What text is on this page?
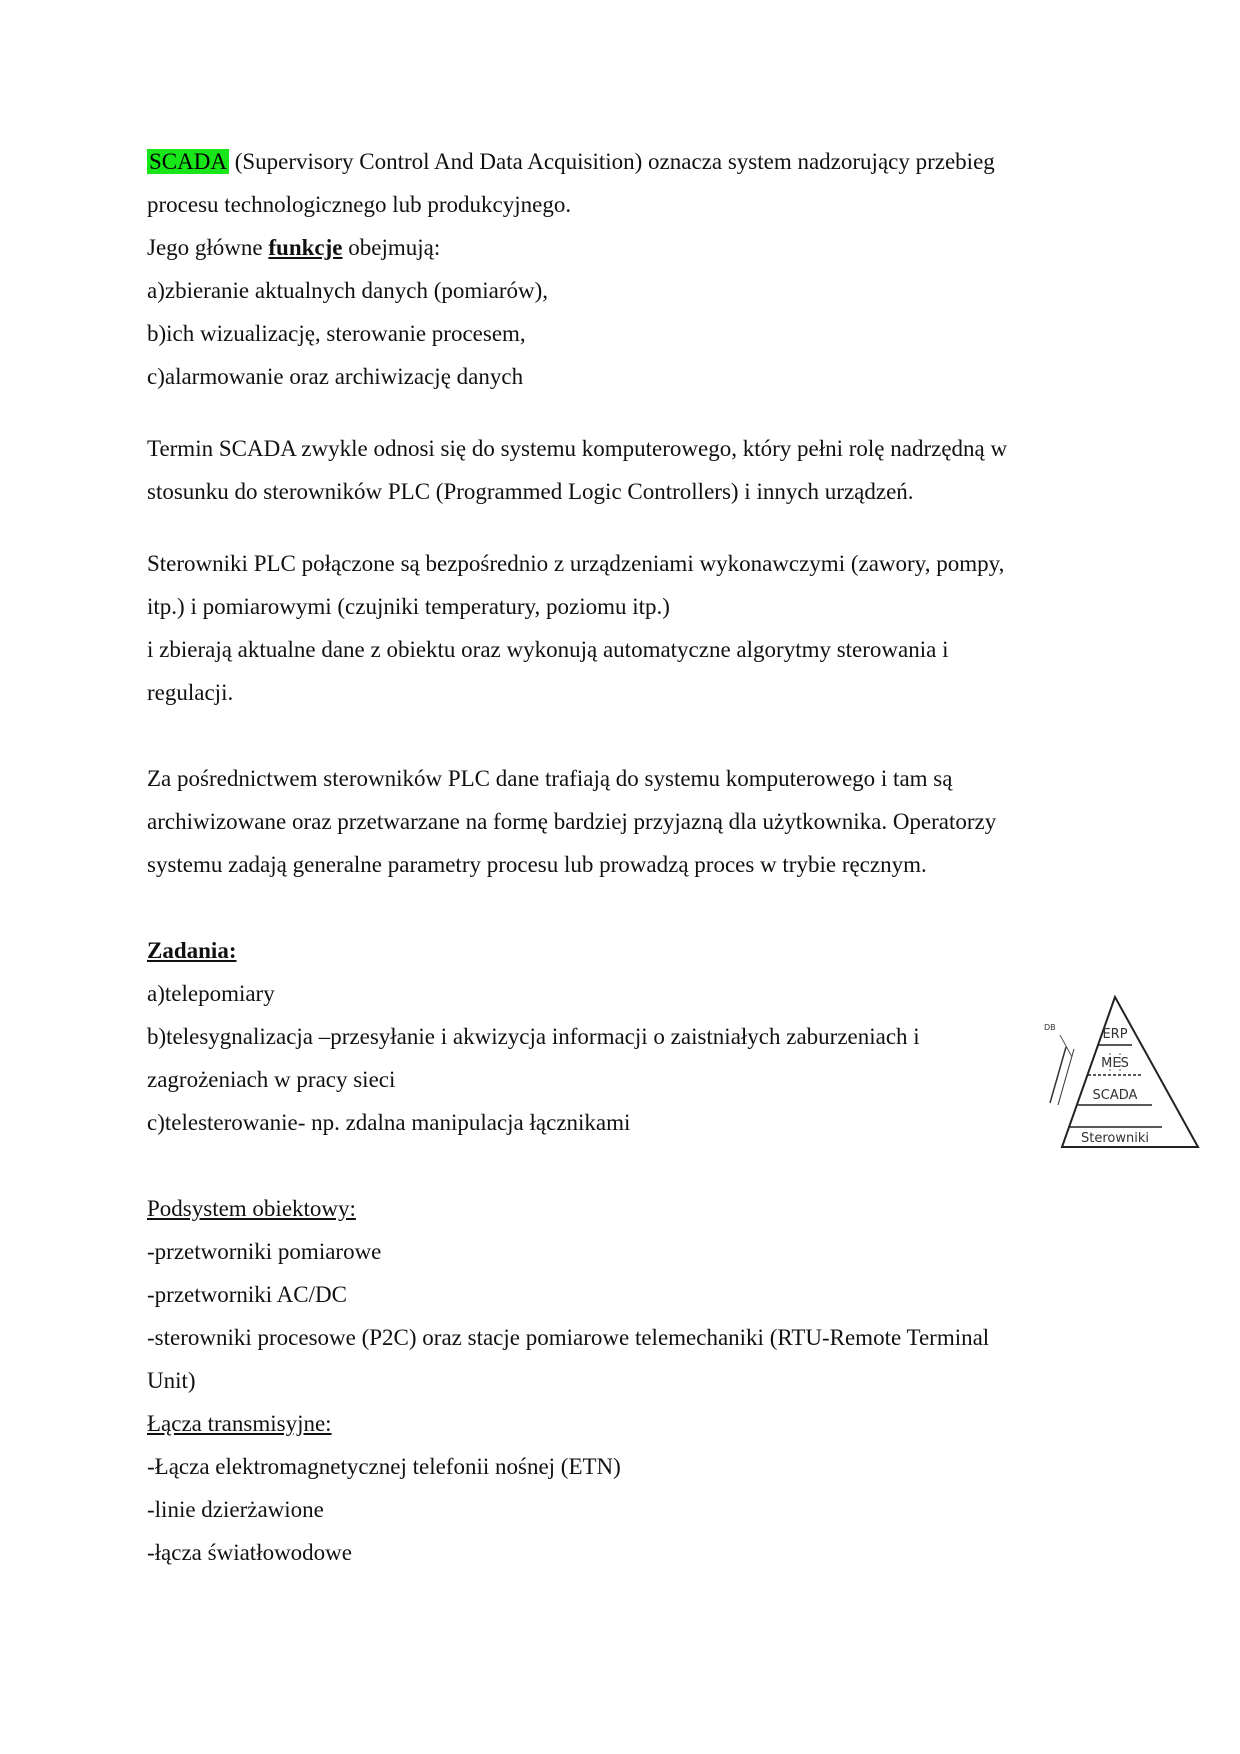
SCADA (Supervisory Control And Data Acquisition) oznacza system nadzorujący przebieg
procesu technologicznego lub produkcyjnego.
Jego główne funkcje obejmują:
a)zbieranie aktualnych danych (pomiarów),
b)ich wizualizację, sterowanie procesem,
c)alarmowanie oraz archiwizację danych
Termin SCADA zwykle odnosi się do systemu komputerowego, który pełni rolę nadrzędną w
stosunku do sterowników PLC (Programmed Logic Controllers) i innych urządzeń.
Sterowniki PLC połączone są bezpośrednio z urządzeniami wykonawczymi (zawory, pompy,
itp.) i pomiarowymi (czujniki temperatury, poziomu itp.)
i zbierają aktualne dane z obiektu oraz wykonują automatyczne algorytmy sterowania i
regulacji.
Za pośrednictwem sterowników PLC dane trafiają do systemu komputerowego i tam są
archiwizowane oraz przetwarzane na formę bardziej przyjazną dla użytkownika. Operatorzy
systemu zadają generalne parametry procesu lub prowadzą proces w trybie ręcznym.
Zadania:
a)telepomiary
b)telesygnalizacja –przesyłanie i akwizycja informacji o zaistniałych zaburzeniach i
zagrożeniach w pracy sieci
c)telesterowanie- np. zdalna manipulacja łącznikami
Podsystem obiektowy:
-przetworniki pomiarowe
-przetworniki AC/DC
-sterowniki procesowe (P2C) oraz stacje pomiarowe telemechaniki (RTU-Remote Terminal
Unit)
Łącza transmisyjne:
-Łącza elektromagnetycznej telefonii nośnej (ETN)
-linie dzierżawione
-łącza światłowodowe
DB	ERP
MES
SCADA
Sterowniki
